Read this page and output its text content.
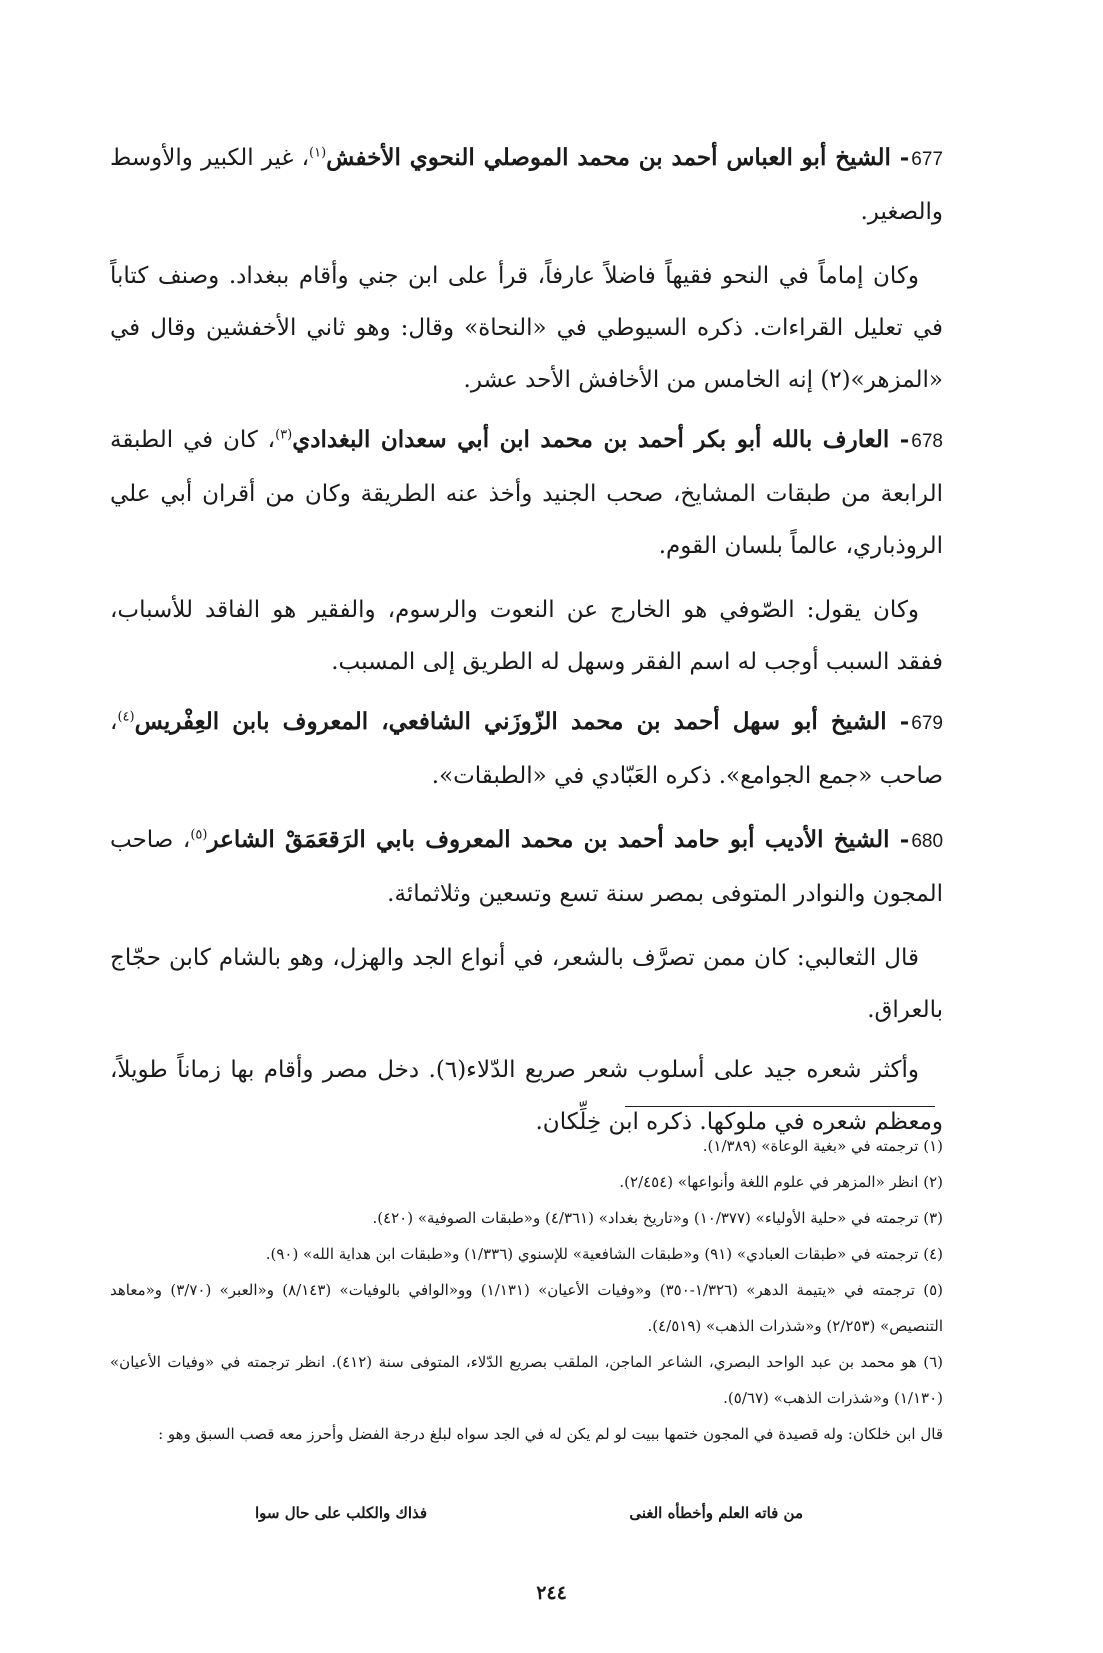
677- الشيخ أبو العباس أحمد بن محمد الموصلي النحوي الأخفش$^{(١)}$، غير الكبير والأوسط والصغير.

وكان إماماً في النحو فقيهاً فاضلاً عارفاً، قرأ على ابن جني وأقام ببغداد. وصنف كتاباً في تعليل القراءات. ذكره السيوطي في «النحاة» وقال: وهو ثاني الأخفشين وقال في «المزهر»(٢) إنه الخامس من الأخافش الأحد عشر.

678- العارف بالله أبو بكر أحمد بن محمد ابن أبي سعدان البغدادي$^{(٣)}$، كان في الطبقة الرابعة من طبقات المشايخ، صحب الجنيد وأخذ عنه الطريقة وكان من أقران أبي علي الروذباري، عالماً بلسان القوم.

وكان يقول: الصّوفي هو الخارج عن النعوت والرسوم، والفقير هو الفاقد للأسباب، ففقد السبب أوجب له اسم الفقر وسهل له الطريق إلى المسبب.

679- الشيخ أبو سهل أحمد بن محمد الزّوزَني الشافعي، المعروف بابن العِفْريس$^{(٤)}$، صاحب «جمع الجوامع». ذكره العَبّادي في «الطبقات».
680- الشيخ الأديب أبو حامد أحمد بن محمد المعروف بابي الرَقعَمَقْ الشاعر$^{(٥)}$، صاحب المجون والنوادر المتوفى بمصر سنة تسع وتسعين وثلاثمائة.

قال الثعالبي: كان ممن تصرَّف بالشعر، في أنواع الجد والهزل، وهو بالشام كابن حجّاج بالعراق.

وأكثر شعره جيد على أسلوب شعر صريع الدّلاء(٦). دخل مصر وأقام بها زماناً طويلاً، ومعظم شعره في ملوكها. ذكره ابن خِلِّكان.

(١) ترجمته في «بغية الوعاة» (١/٣٨٩).

(٢) انظر «المزهر في علوم اللغة وأنواعها» (٢/٤٥٤).

(٣) ترجمته في «حلية الأولياء» (١٠/٣٧٧) و«تاريخ بغداد» (٤/٣٦١) و«طبقات الصوفية» (٤٢٠).

(٤) ترجمته في «طبقات العبادي» (٩١) و«طبقات الشافعية» للإسنوي (١/٣٣٦) و«طبقات ابن هداية الله» (٩٠).

(٥) ترجمته في «يتيمة الدهر» (١/٣٢٦-٣٥٠) و«وفيات الأعيان» (١/١٣١) وو«الوافي بالوفيات» (٨/١٤٣) و«العبر» (٣/٧٠) و«معاهد التنصيص» (٢/٢٥٣) و«شذرات الذهب» (٤/٥١٩).

(٦) هو محمد بن عبد الواحد البصري، الشاعر الماجن، الملقب بصريع الدّلاء، المتوفى سنة (٤١٢). انظر ترجمته في «وفيات الأعيان» (١/١٣٠) و«شذرات الذهب» (٥/٦٧).

قال ابن خلكان: وله قصيدة في المجون ختمها ببيت لو لم يكن له في الجد سواه لبلغ درجة الفضل وأحرز معه قصب السبق وهو :

من فاته العلم وأخطأه الغنى
فذاك والكلب على حال سوا
٢٤٤
